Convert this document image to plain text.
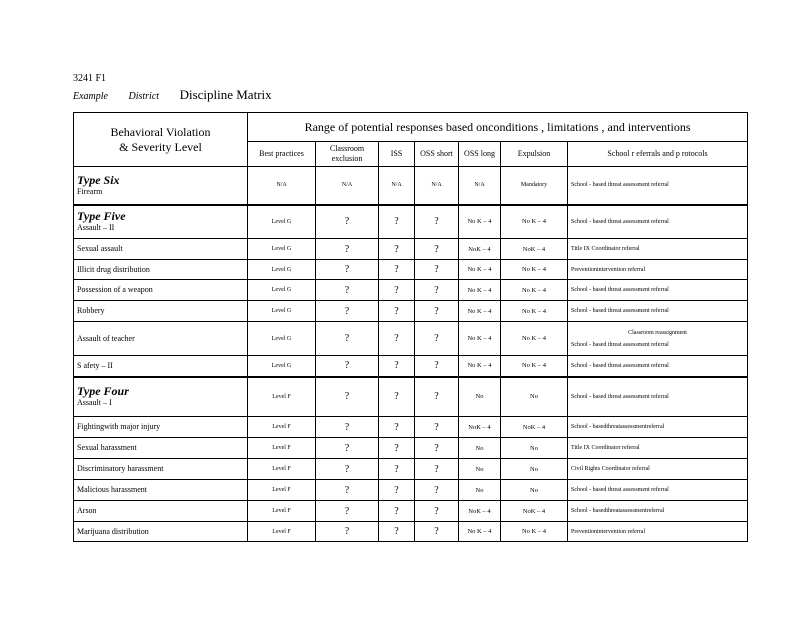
3241 F1
Example District Discipline Matrix
Behavioral Violation
& Severity Level	Range of potential responses based onconditions , limitations , and interventions						
	Best practices	Classroom exclusion	ISS	OSS short	OSS long	Expulsion	School r eferrals and p rotocols

Type Six
Firearm	N/A	N/A	N/A	N/A	N/A	Mandatory	School - based threat assessment referral

Type Five
Assault – II	Level G	?	?	?	No K – 4	No K – 4	School - based threat assessment referral
Sexual assault	Level G	?	?	?	NoK – 4	NoK – 4	Title IX Coordinator referral
Illicit drug distribution	Level G	?	?	?	No K – 4	No K – 4	Preventionintervention referral
Possession of a weapon	Level G	?	?	?	No K – 4	No K – 4	School - based threat assessment referral
Robbery	Level G	?	?	?	No K – 4	No K – 4	School - based threat assessment referral
Assault of teacher	Level G	?	?	?	No K – 4	No K – 4	Classroom reassignment
School - based threat assessment referral

S afety – II	Level G	?	?	?	No K – 4	No K – 4	School - based threat assessment referral

Type Four
Assault – I	Level F	?	?	?	No	No	School - based threat assessment referral
Fightingwith major injury	Level F	?	?	?	NoK – 4	NoK – 4	School - basedthreatassessmentreferral
Sexual harassment	Level F	?	?	?	No	No	Title IX Coordinator referral
Discriminatory harassment	Level F	?	?	?	No	No	Civil Rights Coordinator referral
Malicious harassment	Level F	?	?	?	No	No	School - based threat assessment referral
Arson	Level F	?	?	?	NoK – 4	NoK – 4	School - basedthreatassessmentreferral
Marijuana distribution	Level F	?	?	?	No K – 4	No K – 4	Preventionintervention referral
